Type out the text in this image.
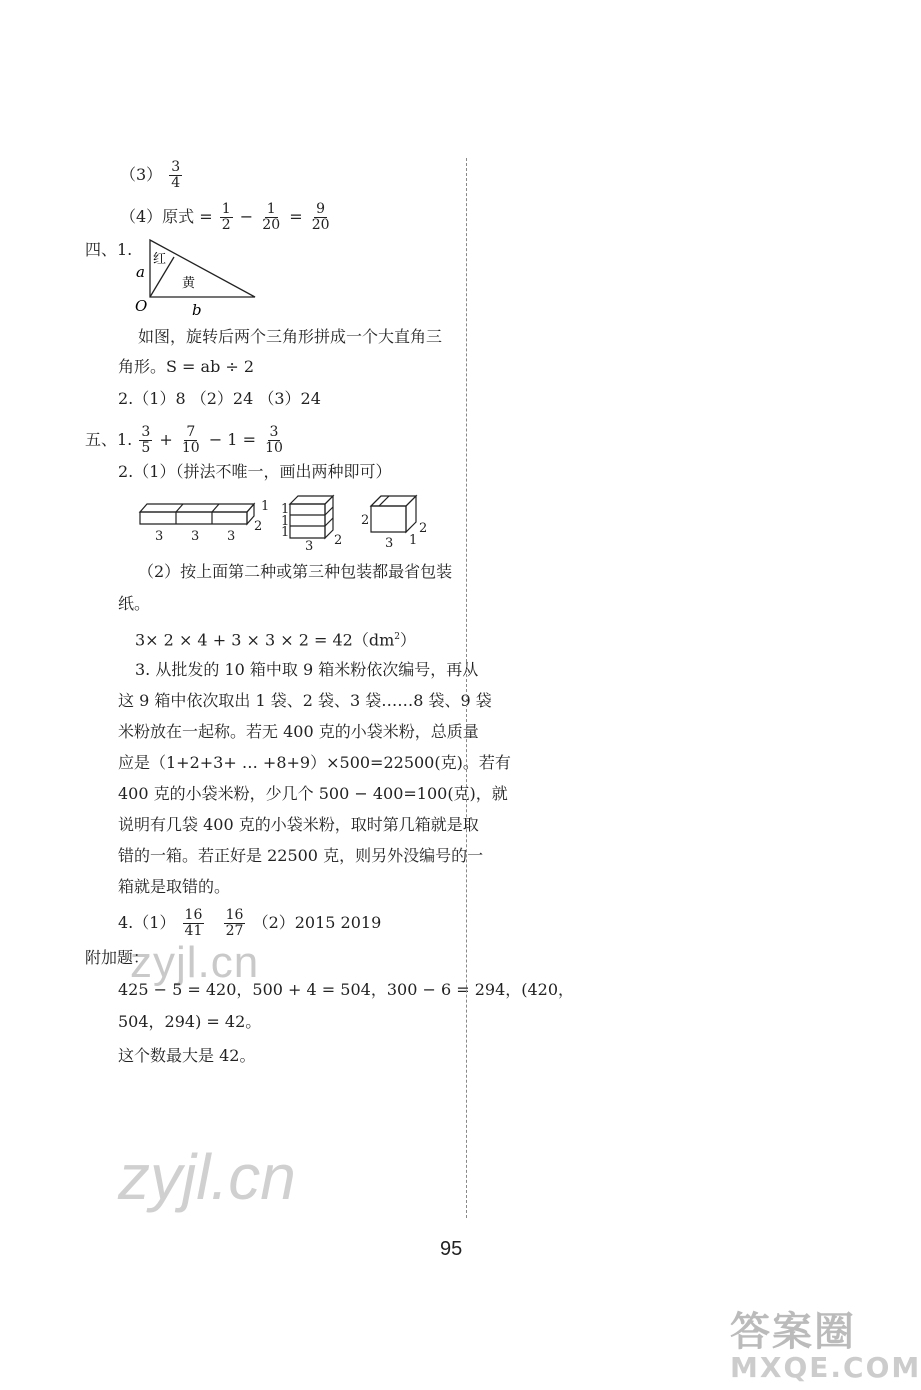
$(3) \frac{3}{4}$
（4）原式 = $\frac{1}{2} - \frac{1}{20} = \frac{9}{20}$
四、1.
红
黄
a
O	b
如图，旋转后两个三角形拼成一个大直角三
角形。S = ab ÷ 2
2.（1）8 （2）24 （3）24
五、1. $\frac{3}{5} + \frac{7}{10} - 1 = \frac{3}{10}$
2.（1）（拼法不唯一，画出两种即可）
3 3 3
1
2
1
1
1
3 2
2
3 1
2
（2）按上面第二种或第三种包装都最省包装
纸。
$3\times 2 \times 4 + 3 \times 3 \times 2 = 42(dm^2)$
3. 从批发的 10 箱中取 9 箱米粉依次编号，再从
这 9 箱中依次取出 1 袋、2 袋、3 袋……8 袋、9 袋
米粉放在一起称。若无 400 克的小袋米粉，总质量
应是（1+2+3+ … +8+9）×500=22500(克)。若有
400 克的小袋米粉，少几个 500 − 400=100(克)，就
说明有几袋 400 克的小袋米粉，取时第几箱就是取
错的一箱。若正好是 22500 克，则另外没编号的一
箱就是取错的。
$4.(1) \frac{16}{41}$
$\frac{16}{27} (2)2015$ 2019
zyjl.cn
附加题：
425 − 5 = 420，500 + 4 = 504，300 − 6 = 294，(420，
504，294) = 42。
这个数最大是 42。
zyjl.cn
95
答案圈
MXQE.COM
